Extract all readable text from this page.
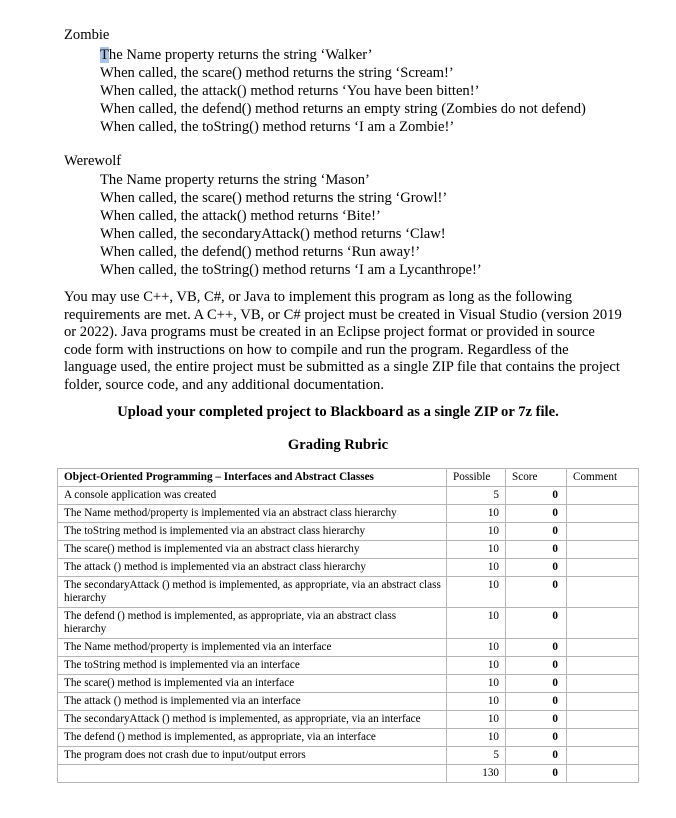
Zombie
The Name property returns the string ‘Walker’
When called, the scare() method returns the string ‘Scream!’
When called, the attack() method returns ‘You have been bitten!’
When called, the defend() method returns an empty string (Zombies do not defend)
When called, the toString() method returns ‘I am a Zombie!’
Werewolf
The Name property returns the string ‘Mason’
When called, the scare() method returns the string ‘Growl!’
When called, the attack() method returns ‘Bite!’
When called, the secondaryAttack() method returns ‘Claw!
When called, the defend() method returns ‘Run away!’
When called, the toString() method returns ‘I am a Lycanthrope!’
You may use C++, VB, C#, or Java to implement this program as long as the following requirements are met. A C++, VB, or C# project must be created in Visual Studio (version 2019 or 2022). Java programs must be created in an Eclipse project format or provided in source code form with instructions on how to compile and run the program. Regardless of the language used, the entire project must be submitted as a single ZIP file that contains the project folder, source code, and any additional documentation.
Upload your completed project to Blackboard as a single ZIP or 7z file.
Grading Rubric
Object-Oriented Programming – Interfaces and Abstract Classes	Possible	Score	Comment
A console application was created	5	0	
The Name method/property is implemented via an abstract class hierarchy	10	0	
The toString method is implemented via an abstract class hierarchy	10	0	
The scare() method is implemented via an abstract class hierarchy	10	0	
The attack () method is implemented via an abstract class hierarchy	10	0	
The secondaryAttack () method is implemented, as appropriate, via an abstract class hierarchy	10	0	
The defend () method is implemented, as appropriate, via an abstract class hierarchy	10	0	
The Name method/property is implemented via an interface	10	0	
The toString method is implemented via an interface	10	0	
The scare() method is implemented via an interface	10	0	
The attack () method is implemented via an interface	10	0	
The secondaryAttack () method is implemented, as appropriate, via an interface	10	0	
The defend () method is implemented, as appropriate, via an interface	10	0	
The program does not crash due to input/output errors	5	0	
	130	0	
